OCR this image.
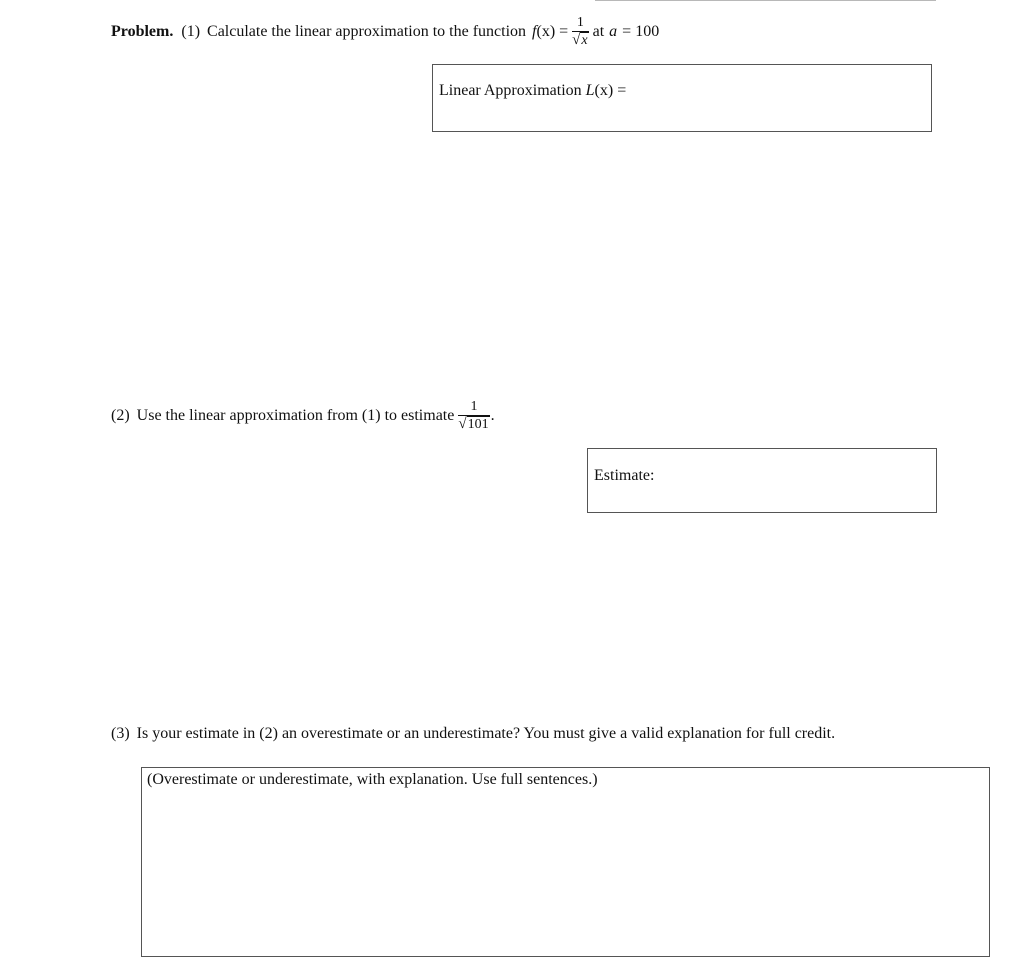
Problem. (1) Calculate the linear approximation to the function f $(x) = \frac{1}{√ x}$ at a = 100
Linear Approximation L(x) =
(2) Use the linear approximation from (1) to estimate $\frac{1}{√ 101}$ .
Estimate:
(3) Is your estimate in (2) an overestimate or an underestimate? You must give a valid explanation for full credit.
(Overestimate or underestimate, with explanation. Use full sentences.)
